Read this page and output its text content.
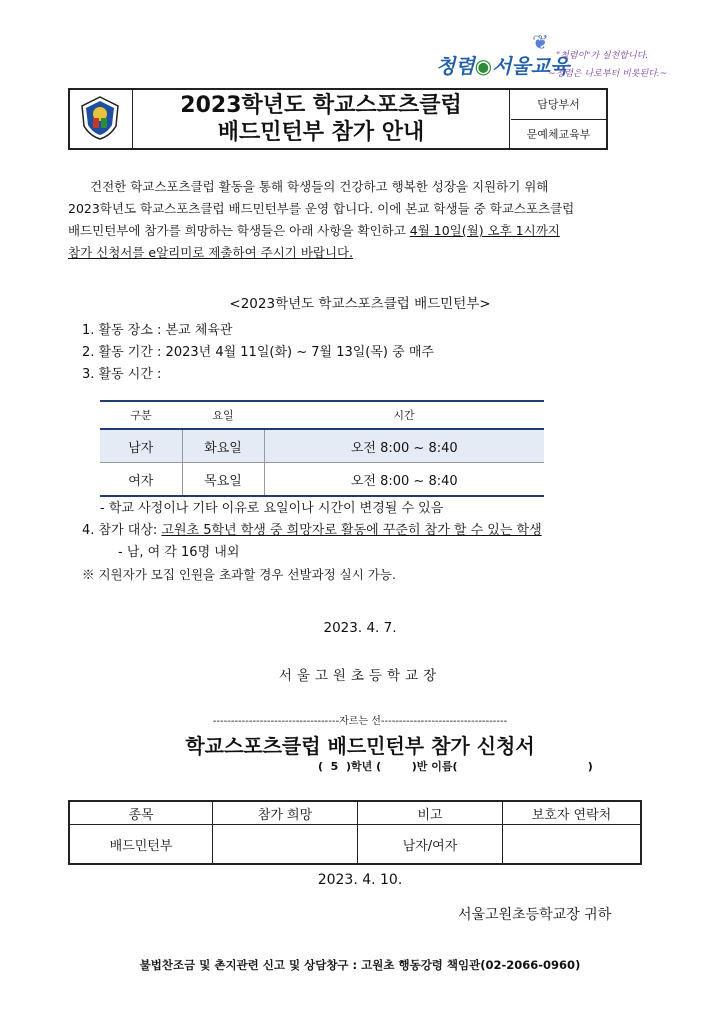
청렴◉서울교육
❦
"청렴이"가 실천합니다.
~청렴은 나로부터 비롯된다.~
2023학년도 학교스포츠클럽
배드민턴부 참가 안내
담당부서
문예체교육부

건전한 학교스포츠클럽 활동을 통해 학생들의 건강하고 행복한 성장을 지원하기 위해

2023학년도 학교스포츠클럽 배드민턴부를 운영 합니다. 이에 본교 학생들 중 학교스포츠클럽

배드민턴부에 참가를 희망하는 학생들은 아래 사항을 확인하고 4월 10일(월) 오후 1시까지

참가 신청서를 e알리미로 제출하여 주시기 바랍니다.

<2023학년도 학교스포츠클럽 배드민턴부>
1. 활동 장소 : 본교 체육관
2. 활동 기간 : 2023년 4월 11일(화) ~ 7월 13일(목) 중 매주
3. 활동 시간 :
구분	요일	시간
남자	화요일	오전 8:00 ~ 8:40
여자	목요일	오전 8:00 ~ 8:40
- 학교 사정이나 기타 이유로 요일이나 시간이 변경될 수 있음
4. 참가 대상: 고원초 5학년 학생 중 희망자로 활동에 꾸준히 참가 할 수 있는 학생
- 남, 여 각 16명 내외
※ 지원자가 모집 인원을 초과할 경우 선발과정 실시 가능.
2023. 4. 7.
서울고원초등학교장
-----------------------------------자르는 선-----------------------------------
학교스포츠클럽 배드민턴부 참가 신청서
(  5  )학년 (        )반 이름(                                  )
종목	참가 희망	비고	보호자 연락처
배드민턴부		남자/여자	
2023. 4. 10.
서울고원초등학교장 귀하
불법찬조금 및 촌지관련 신고 및 상담창구 : 고원초 행동강령 책임관(02-2066-0960)
